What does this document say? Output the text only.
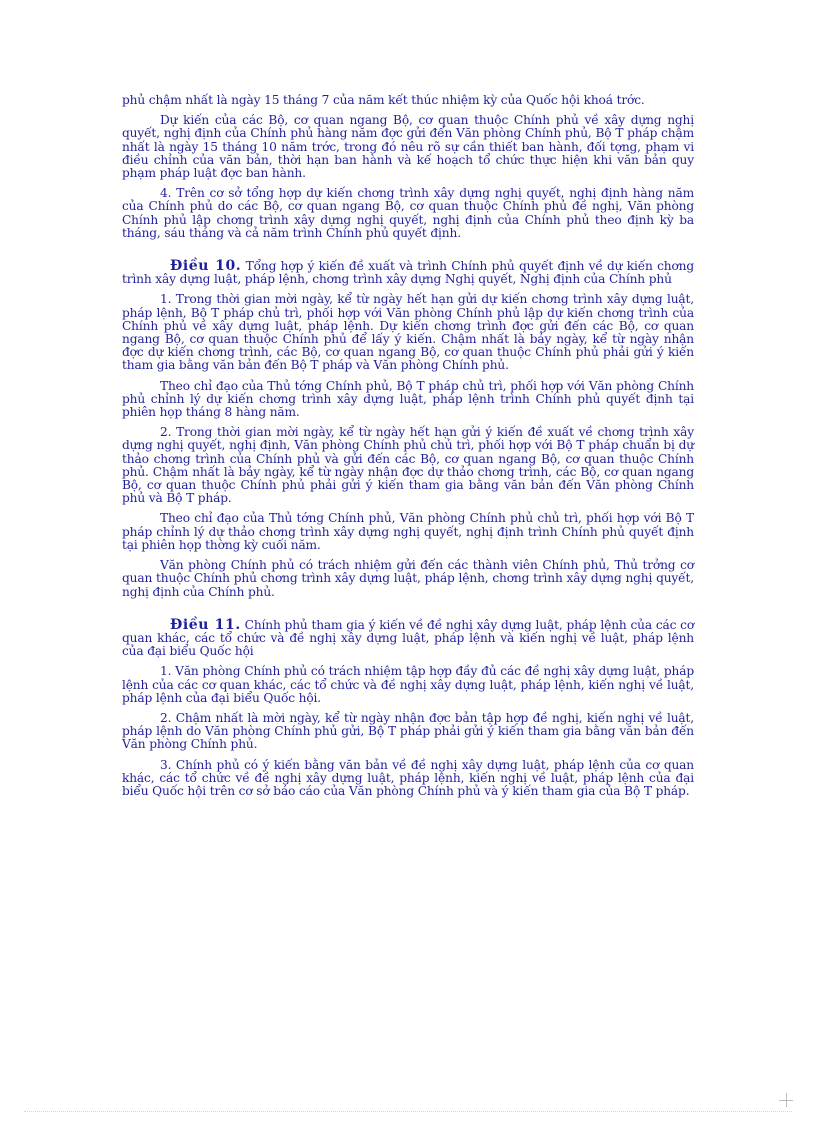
phủ chậm nhất là ngày 15 tháng 7 của năm kết thúc nhiệm kỳ của Quốc hội khoá trớc.

Dự kiến của các Bộ, cơ quan ngang Bộ, cơ quan thuộc Chính phủ về xây dựng nghị quyết, nghị định của Chính phủ hàng năm đợc gửi đến Văn phòng Chính phủ, Bộ T pháp chậm nhất là ngày 15 tháng 10 năm trớc, trong đó nêu rõ sự cần thiết ban hành, đối tợng, phạm vi điều chỉnh của văn bản, thời hạn ban hành và kế hoạch tổ chức thực hiện khi văn bản quy phạm pháp luật đợc ban hành.

4. Trên cơ sở tổng hợp dự kiến chơng trình xây dựng nghị quyết, nghị định hàng năm của Chính phủ do các Bộ, cơ quan ngang Bộ, cơ quan thuộc Chính phủ đề nghị, Văn phòng Chính phủ lập chơng trình xây dựng nghị quyết, nghị định của Chính phủ theo định kỳ ba tháng, sáu tháng và cả năm trình Chính phủ quyết định.

Điều 10. Tổng hợp ý kiến đề xuất và trình Chính phủ quyết định về dự kiến chơng trình xây dựng luật, pháp lệnh, chơng trình xây dựng Nghị quyết, Nghị định của Chính phủ

1. Trong thời gian mời ngày, kể từ ngày hết hạn gửi dự kiến chơng trình xây dựng luật, pháp lệnh, Bộ T pháp chủ trì, phối hợp với Văn phòng Chính phủ lập dự kiến chơng trình của Chính phủ về xây dựng luật, pháp lệnh. Dự kiến chơng trình đợc gửi đến các Bộ, cơ quan ngang Bộ, cơ quan thuộc Chính phủ để lấy ý kiến. Chậm nhất là bảy ngày, kể từ ngày nhận đợc dự kiến chơng trình, các Bộ, cơ quan ngang Bộ, cơ quan thuộc Chính phủ phải gửi ý kiến tham gia bằng văn bản đến Bộ T pháp và Văn phòng Chính phủ.

Theo chỉ đạo của Thủ tớng Chính phủ, Bộ T pháp chủ trì, phối hợp với Văn phòng Chính phủ chỉnh lý dự kiến chơng trình xây dựng luật, pháp lệnh trình Chính phủ quyết định tại phiên họp tháng 8 hàng năm.

2. Trong thời gian mời ngày, kể từ ngày hết hạn gửi ý kiến đề xuất về chơng trình xây dựng nghị quyết, nghị định, Văn phòng Chính phủ chủ trì, phối hợp với Bộ T pháp chuẩn bị dự thảo chơng trình của Chính phủ và gửi đến các Bộ, cơ quan ngang Bộ, cơ quan thuộc Chính phủ. Chậm nhất là bảy ngày, kể từ ngày nhận đợc dự thảo chơng trình, các Bộ, cơ quan ngang Bộ, cơ quan thuộc Chính phủ phải gửi ý kiến tham gia bằng văn bản đến Văn phòng Chính phủ và Bộ T pháp.

Theo chỉ đạo của Thủ tớng Chính phủ, Văn phòng Chính phủ chủ trì, phối hợp với Bộ T pháp chỉnh lý dự thảo chơng trình xây dựng nghị quyết, nghị định trình Chính phủ quyết định tại phiên họp thờng kỳ cuối năm.

Văn phòng Chính phủ có trách nhiệm gửi đến các thành viên Chính phủ, Thủ trởng cơ quan thuộc Chính phủ chơng trình xây dựng luật, pháp lệnh, chơng trình xây dựng nghị quyết, nghị định của Chính phủ.

Điều 11. Chính phủ tham gia ý kiến về đề nghị xây dựng luật, pháp lệnh của các cơ quan khác, các tổ chức và đề nghị xây dựng luật, pháp lệnh và kiến nghị về luật, pháp lệnh của đại biểu Quốc hội

1. Văn phòng Chính phủ có trách nhiệm tập hợp đầy đủ các đề nghị xây dựng luật, pháp lệnh của các cơ quan khác, các tổ chức và đề nghị xây dựng luật, pháp lệnh, kiến nghị về luật, pháp lệnh của đại biểu Quốc hội.

2. Chậm nhất là mời ngày, kể từ ngày nhận đợc bản tập hợp đề nghị, kiến nghị về luật, pháp lệnh do Văn phòng Chính phủ gửi, Bộ T pháp phải gửi ý kiến tham gia bằng văn bản đến Văn phòng Chính phủ.

3. Chính phủ có ý kiến bằng văn bản về đề nghị xây dựng luật, pháp lệnh của cơ quan khác, các tổ chức về đề nghị xây dựng luật, pháp lệnh, kiến nghị về luật, pháp lệnh của đại biểu Quốc hội trên cơ sở báo cáo của Văn phòng Chính phủ và ý kiến tham gia của Bộ T pháp.
